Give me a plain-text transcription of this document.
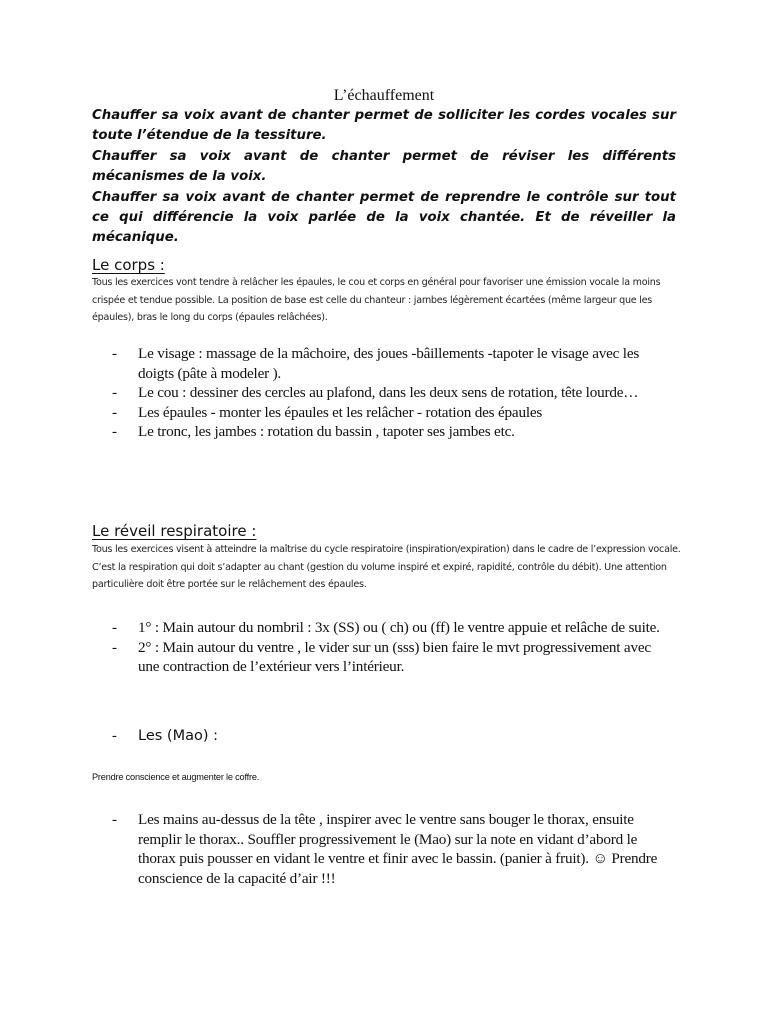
L’échauffement

Chauffer sa voix avant de chanter permet de solliciter les cordes vocales sur toute l’étendue de la tessiture.

Chauffer sa voix avant de chanter permet de réviser les différents mécanismes de la voix.

Chauffer sa voix avant de chanter permet de reprendre le contrôle sur tout ce qui différencie la voix parlée de la voix chantée. Et de réveiller la mécanique.

Le corps :
Tous les exercices vont tendre à relâcher les épaules, le cou et corps en général pour favoriser une émission vocale la moins crispée et tendue possible. La position de base est celle du chanteur : jambes légèrement écartées (même largeur que les épaules), bras le long du corps (épaules relâchées).
- Le visage : massage de la mâchoire, des joues -bâillements -tapoter le visage avec les doigts (pâte à modeler ).
- Le cou : dessiner des cercles au plafond, dans les deux sens de rotation, tête lourde…
- Les épaules - monter les épaules et les relâcher - rotation des épaules
- Le tronc, les jambes : rotation du bassin , tapoter ses jambes etc.
Le réveil respiratoire :
Tous les exercices visent à atteindre la maîtrise du cycle respiratoire (inspiration/expiration) dans le cadre de l’expression vocale. C’est la respiration qui doit s’adapter au chant (gestion du volume inspiré et expiré, rapidité, contrôle du débit). Une attention particulière doit être portée sur le relâchement des épaules.
- 1° : Main autour du nombril : 3x (SS) ou ( ch) ou (ff) le ventre appuie et relâche de suite.
- 2° : Main autour du ventre , le vider sur un (sss) bien faire le mvt progressivement avec une contraction de l’extérieur vers l’intérieur.
- Les (Mao) :
Prendre conscience et augmenter le coffre.
- Les mains au-dessus de la tête , inspirer avec le ventre sans bouger le thorax, ensuite remplir le thorax.. Souffler progressivement le (Mao) sur la note en vidant d’abord le thorax puis pousser en vidant le ventre et finir avec le bassin. (panier à fruit). ☺ Prendre conscience de la capacité d’air !!!
